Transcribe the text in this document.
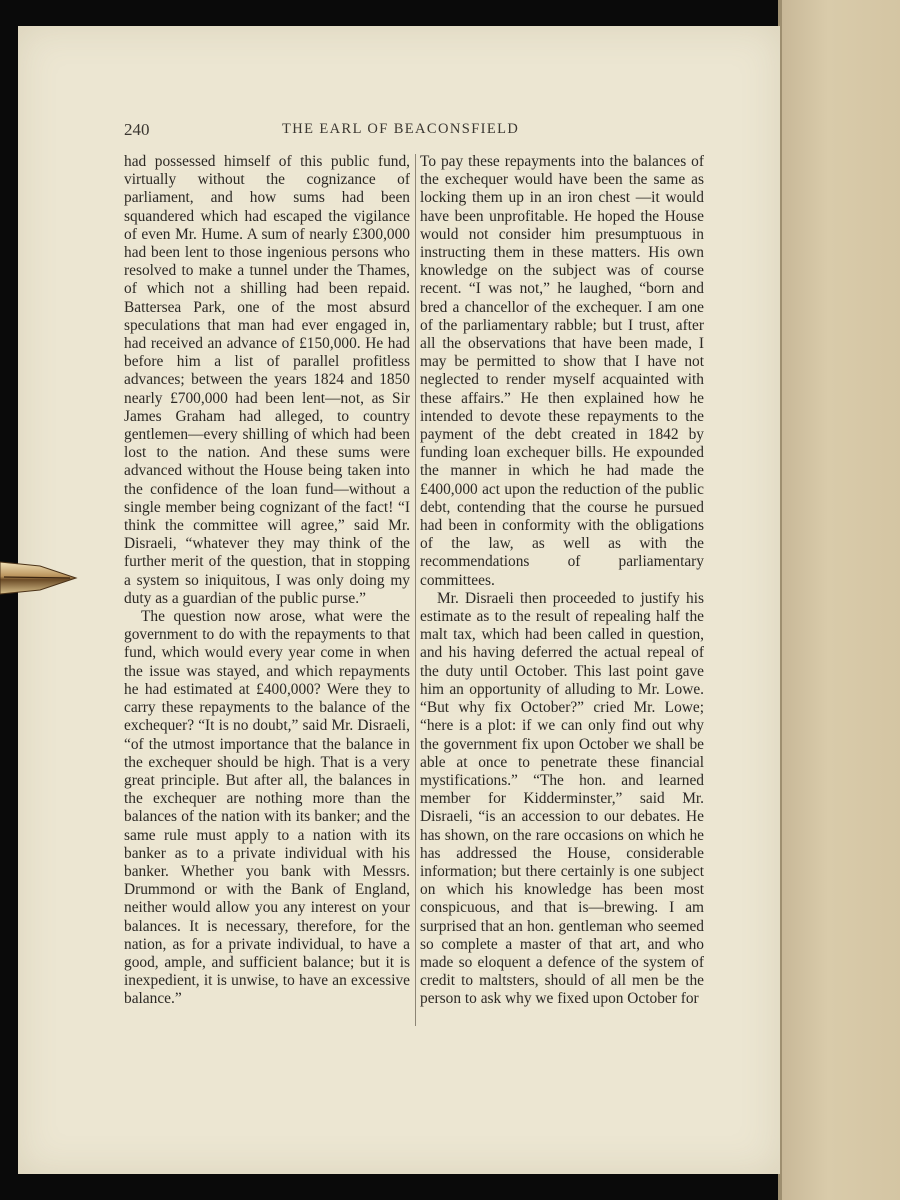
240	THE EARL OF BEACONSFIELD

had possessed himself of this public fund, virtually without the cognizance of parliament, and how sums had been squandered which had escaped the vigilance of even Mr. Hume. A sum of nearly £300,000 had been lent to those ingenious persons who resolved to make a tunnel under the Thames, of which not a shilling had been repaid. Battersea Park, one of the most absurd speculations that man had ever engaged in, had received an advance of £150,000. He had before him a list of parallel profitless advances; between the years 1824 and 1850 nearly £700,000 had been lent—not, as Sir James Graham had alleged, to country gentlemen—every shilling of which had been lost to the nation. And these sums were advanced without the House being taken into the confidence of the loan fund—without a single member being cognizant of the fact! “I think the committee will agree,” said Mr. Disraeli, “whatever they may think of the further merit of the question, that in stopping a system so iniquitous, I was only doing my duty as a guardian of the public purse.”

The question now arose, what were the government to do with the repayments to that fund, which would every year come in when the issue was stayed, and which repayments he had estimated at £400,000? Were they to carry these repayments to the balance of the exchequer? “It is no doubt,” said Mr. Disraeli, “of the utmost importance that the balance in the exchequer should be high. That is a very great principle. But after all, the balances in the exchequer are nothing more than the balances of the nation with its banker; and the same rule must apply to a nation with its banker as to a private individual with his banker. Whether you bank with Messrs. Drummond or with the Bank of England, neither would allow you any interest on your balances. It is necessary, therefore, for the nation, as for a private individual, to have a good, ample, and sufficient balance; but it is inexpedient, it is unwise, to have an excessive balance.”

To pay these repayments into the balances of the exchequer would have been the same as locking them up in an iron chest —it would have been unprofitable. He hoped the House would not consider him presumptuous in instructing them in these matters. His own knowledge on the subject was of course recent. “I was not,” he laughed, “born and bred a chancellor of the exchequer. I am one of the parliamentary rabble; but I trust, after all the observations that have been made, I may be permitted to show that I have not neglected to render myself acquainted with these affairs.” He then explained how he intended to devote these repayments to the payment of the debt created in 1842 by funding loan exchequer bills. He expounded the manner in which he had made the £400,000 act upon the reduction of the public debt, contending that the course he pursued had been in conformity with the obligations of the law, as well as with the recommendations of parliamentary committees.

Mr. Disraeli then proceeded to justify his estimate as to the result of repealing half the malt tax, which had been called in question, and his having deferred the actual repeal of the duty until October. This last point gave him an opportunity of alluding to Mr. Lowe. “But why fix October?” cried Mr. Lowe; “here is a plot: if we can only find out why the government fix upon October we shall be able at once to penetrate these financial mystifications.” “The hon. and learned member for Kidderminster,” said Mr. Disraeli, “is an accession to our debates. He has shown, on the rare occasions on which he has addressed the House, considerable information; but there certainly is one subject on which his knowledge has been most conspicuous, and that is—brewing. I am surprised that an hon. gentleman who seemed so complete a master of that art, and who made so eloquent a defence of the system of credit to maltsters, should of all men be the person to ask why we fixed upon October for
